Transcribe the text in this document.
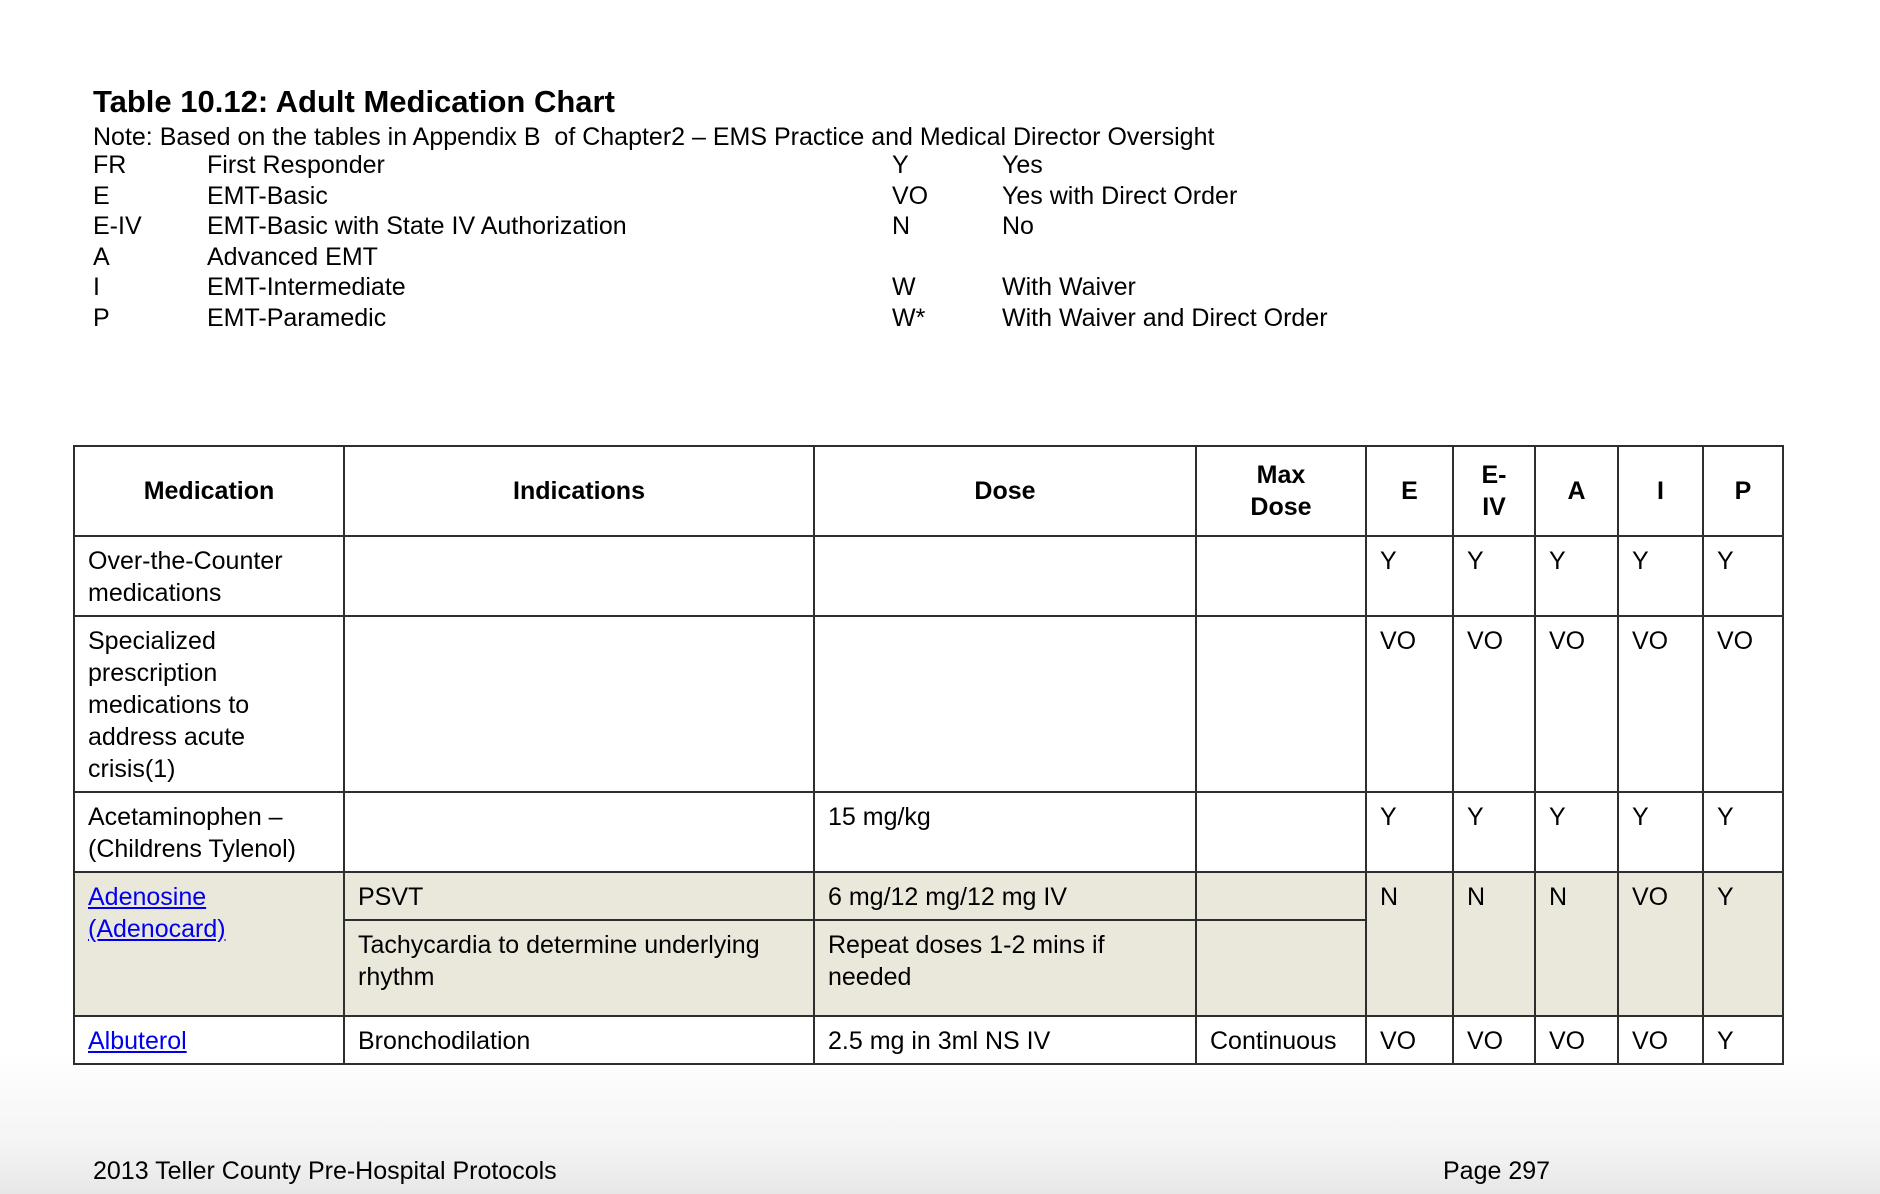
Table 10.12: Adult Medication Chart
Note: Based on the tables in Appendix B  of Chapter2 – EMS Practice and Medical Director Oversight
FR	First Responder	Y	Yes
E	EMT-Basic	VO	Yes with Direct Order
E-IV	EMT-Basic with State IV Authorization	N	No
A	Advanced EMT
I	EMT-Intermediate	W	With Waiver
P	EMT-Paramedic	W*	With Waiver and Direct Order
Medication	Indications	Dose	Max Dose	E	E-IV	A	I	P
Over-the-Counter medications				Y	Y	Y	Y	Y
Specialized prescription medications to address acute crisis(1)				VO	VO	VO	VO	VO
Acetaminophen – (Childrens Tylenol)		15 mg/kg		Y	Y	Y	Y	Y
Adenosine (Adenocard)	PSVT	6 mg/12 mg/12 mg IV		N	N	N	VO	Y
	Tachycardia to determine underlying rhythm	Repeat doses 1-2 mins if needed						
Albuterol	Bronchodilation	2.5 mg in 3ml NS IV	Continuous	VO	VO	VO	VO	Y
2013 Teller County Pre-Hospital Protocols	Page 297
